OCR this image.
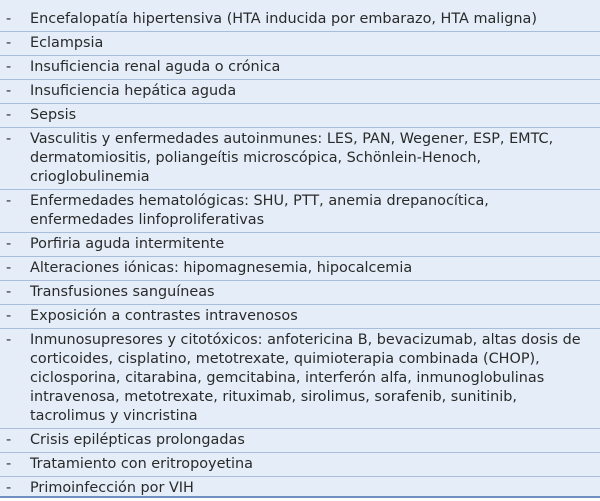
- Encefalopatía hipertensiva (HTA inducida por embarazo, HTA maligna)
- Eclampsia
- Insuficiencia renal aguda o crónica
- Insuficiencia hepática aguda
- Sepsis
- Vasculitis y enfermedades autoinmunes: LES, PAN, Wegener, ESP, EMTC, dermatomiositis, poliangeítis microscópica, Schönlein-Henoch, crioglobulinemia
- Enfermedades hematológicas: SHU, PTT, anemia drepanocítica, enfermedades linfoproliferativas
- Porfiria aguda intermitente
- Alteraciones iónicas: hipomagnesemia, hipocalcemia
- Transfusiones sanguíneas
- Exposición a contrastes intravenosos
- Inmunosupresores y citotóxicos: anfotericina B, bevacizumab, altas dosis de corticoides, cisplatino, metotrexate, quimioterapia combinada (CHOP), ciclosporina, citarabina, gemcitabina, interferón alfa, inmunoglobulinas intravenosa, metotrexate, rituximab, sirolimus, sorafenib, sunitinib, tacrolimus y vincristina
- Crisis epilépticas prolongadas
- Tratamiento con eritropoyetina
- Primoinfección por VIH
